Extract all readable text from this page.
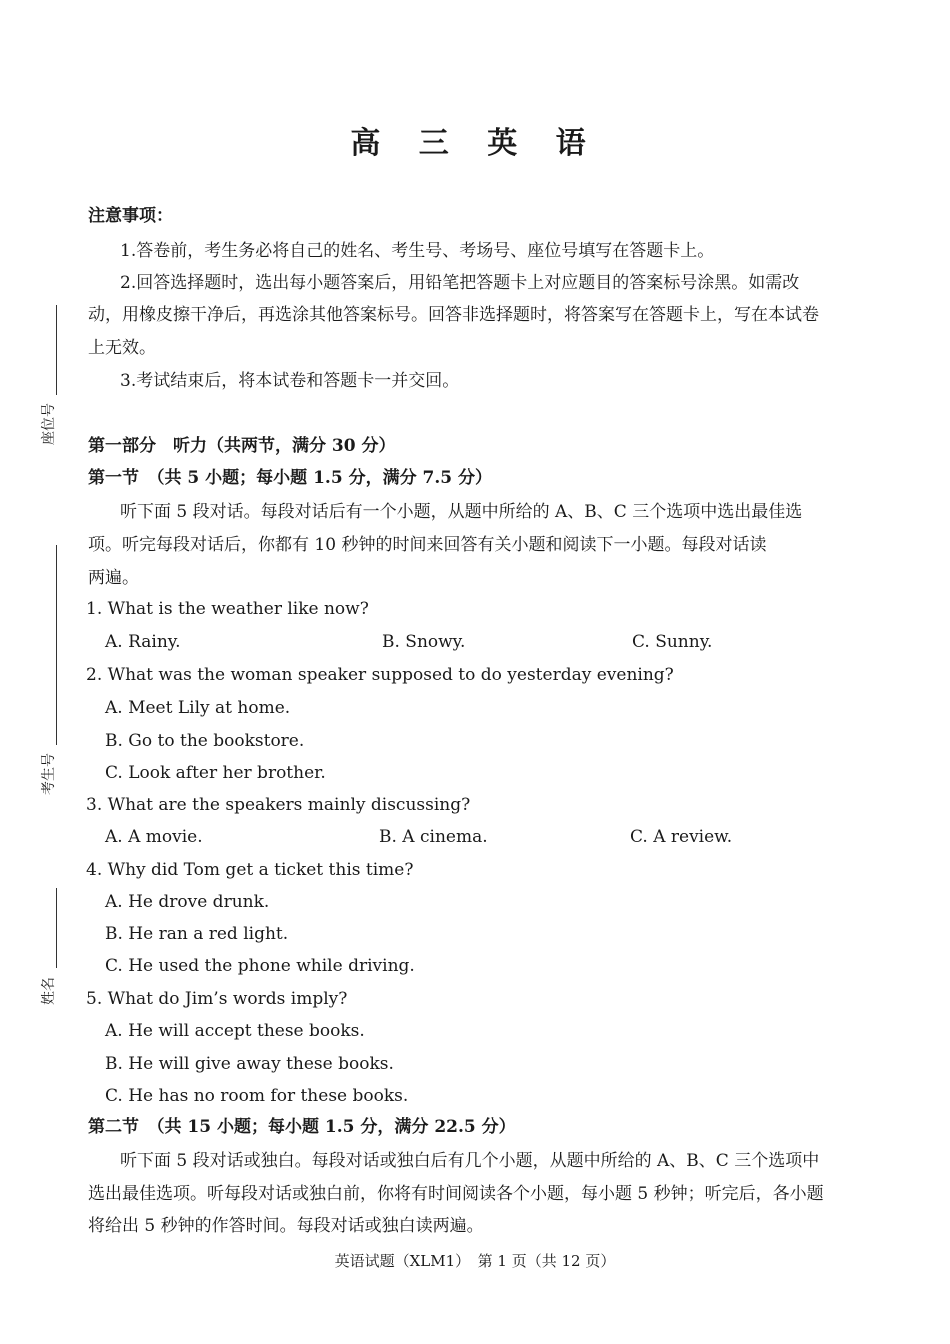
高 三 英 语
座位号
考生号
姓名
注意事项：
1.答卷前，考生务必将自己的姓名、考生号、考场号、座位号填写在答题卡上。
2.回答选择题时，选出每小题答案后，用铅笔把答题卡上对应题目的答案标号涂黑。如需改
动，用橡皮擦干净后，再选涂其他答案标号。回答非选择题时，将答案写在答题卡上，写在本试卷
上无效。
3.考试结束后，将本试卷和答题卡一并交回。
第一部分　听力（共两节，满分 30 分）
第一节　（共 5 小题；每小题 1.5 分，满分 7.5 分）
听下面 5 段对话。每段对话后有一个小题，从题中所给的 A、B、C 三个选项中选出最佳选
项。听完每段对话后，你都有 10 秒钟的时间来回答有关小题和阅读下一小题。每段对话读
两遍。
1. What is the weather like now?
A. Rainy.	B. Snowy.	C. Sunny.
2. What was the woman speaker supposed to do yesterday evening?
A. Meet Lily at home.
B. Go to the bookstore.
C. Look after her brother.
3. What are the speakers mainly discussing?
A. A movie.	B. A cinema.	C. A review.
4. Why did Tom get a ticket this time?
A. He drove drunk.
B. He ran a red light.
C. He used the phone while driving.
5. What do Jim’s words imply?
A. He will accept these books.
B. He will give away these books.
C. He has no room for these books.
第二节　（共 15 小题；每小题 1.5 分，满分 22.5 分）
听下面 5 段对话或独白。每段对话或独白后有几个小题，从题中所给的 A、B、C 三个选项中
选出最佳选项。听每段对话或独白前，你将有时间阅读各个小题，每小题 5 秒钟；听完后，各小题
将给出 5 秒钟的作答时间。每段对话或独白读两遍。
英语试题（XLM1）　第 1 页（共 12 页）
